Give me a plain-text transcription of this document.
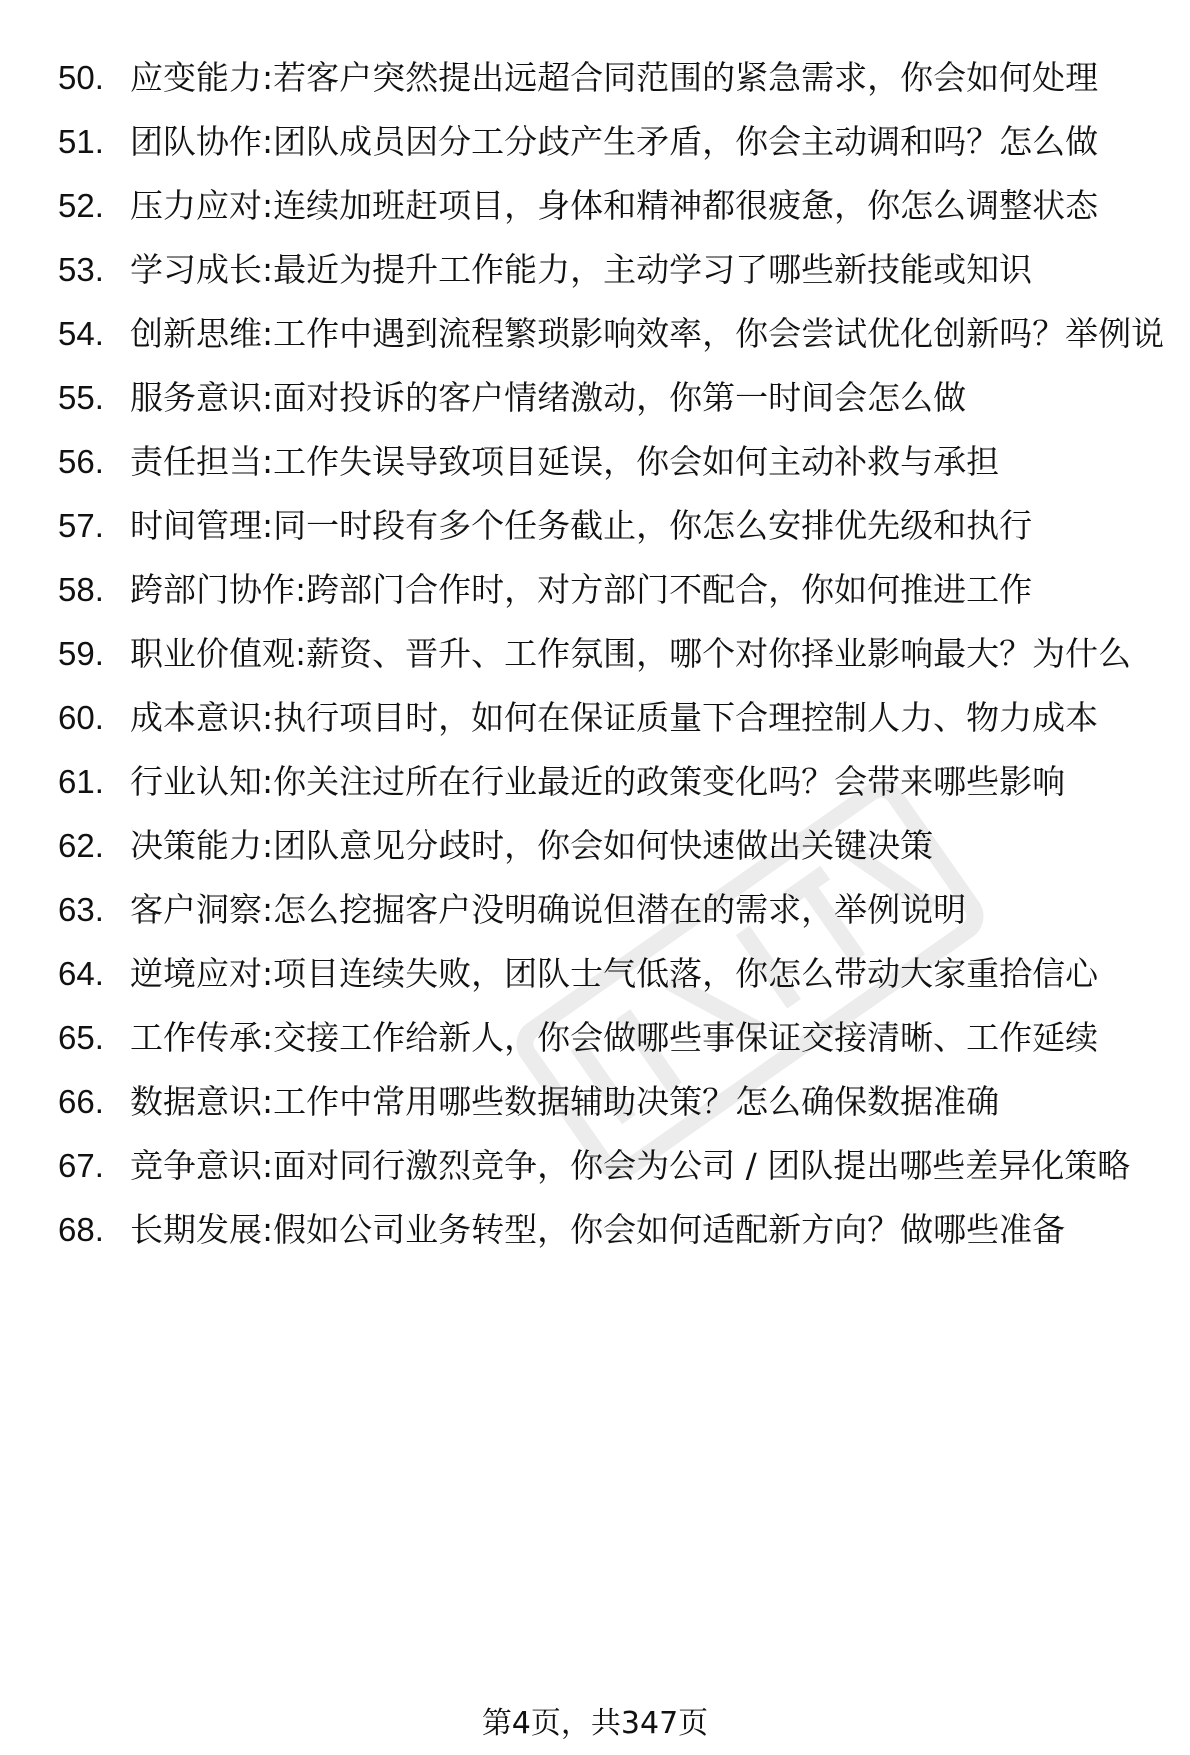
50. 应变能力:若客户突然提出远超合同范围的紧急需求，你会如何处理
51. 团队协作:团队成员因分工分歧产生矛盾，你会主动调和吗？怎么做
52. 压力应对:连续加班赶项目，身体和精神都很疲惫，你怎么调整状态
53. 学习成长:最近为提升工作能力，主动学习了哪些新技能或知识
54. 创新思维:工作中遇到流程繁琐影响效率，你会尝试优化创新吗？举例说
55. 服务意识:面对投诉的客户情绪激动，你第一时间会怎么做
56. 责任担当:工作失误导致项目延误，你会如何主动补救与承担
57. 时间管理:同一时段有多个任务截止，你怎么安排优先级和执行
58. 跨部门协作:跨部门合作时，对方部门不配合，你如何推进工作
59. 职业价值观:薪资、晋升、工作氛围，哪个对你择业影响最大？为什么
60. 成本意识:执行项目时，如何在保证质量下合理控制人力、物力成本
61. 行业认知:你关注过所在行业最近的政策变化吗？会带来哪些影响
62. 决策能力:团队意见分歧时，你会如何快速做出关键决策
63. 客户洞察:怎么挖掘客户没明确说但潜在的需求，举例说明
64. 逆境应对:项目连续失败，团队士气低落，你怎么带动大家重拾信心
65. 工作传承:交接工作给新人，你会做哪些事保证交接清晰、工作延续
66. 数据意识:工作中常用哪些数据辅助决策？怎么确保数据准确
67. 竞争意识:面对同行激烈竞争，你会为公司 / 团队提出哪些差异化策略
68. 长期发展:假如公司业务转型，你会如何适配新方向？做哪些准备
第4页，共347页
